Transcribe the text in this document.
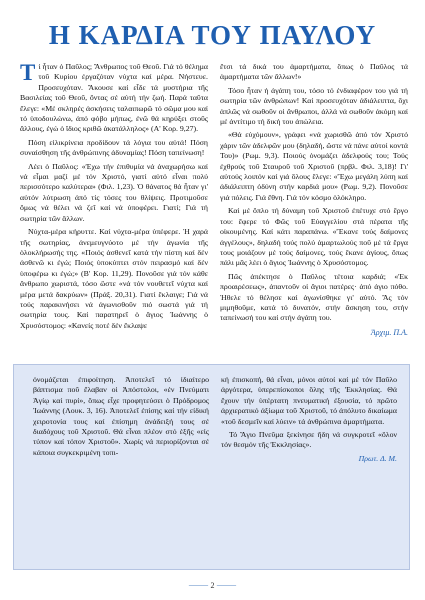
Η ΚΑΡΔΙΑ ΤΟΥ ΠΑΥΛΟΥ

Τί ἦταν ὁ Παῦλος; Ἄνθρωπος τοῦ Θεοῦ. Γιά τό θέλημα τοῦ Κυρίου ἐργαζόταν νύχτα καί μέρα. Νήστευε. Προσευχόταν. Ἄκουσε καί εἶδε τά μυστήρια τῆς Βασιλείας τοῦ Θεοῦ, ὄντας σέ αὐτή τήν ζωή. Παρά ταῦτα ἔλεγε: «Μέ σκληρές ἀσκήσεις ταλαιπωρῶ τό σῶμα μου καί τό ὑποδουλώνω, ἀπό φόβο μήπως, ἐνῶ θά κηρύξει στοῦς ἄλλους, ἐγώ ὁ ἴδιος κριθῶ ἀκατάλληλος» (Α' Κορ. 9,27).

Πόση εἰλικρίνεια προδίδουν τά λόγια του αὐτά! Πόση συναίσθηση τῆς ἀνθρώπινης ἀδυναμίας! Πόση ταπείνωση!

Λέει ὁ Παῦλος: «Ἐχω τήν ἐπιθυμία νά ἀναχωρήσω καί νά εἶμαι μαζί μέ τόν Χριστό, γιατί αὐτό εἶναι πολύ περισσότερο καλύτερα» (Φιλ. 1,23). Ὁ θάνατος θά ἦταν γι' αὐτόν λύτρωση ἀπό τίς τόσες του θλίψεις. Προτιμοῦσε ὅμως νά θέλει νά ζεῖ καί νά ὑποφέρει. Γιατί; Γιά τή σωτηρία τῶν ἄλλων.

Νύχτα-μέρα κήρυττε. Καί νύχτα-μέρα ὑπέφερε. Ἡ χαρά τῆς σωτηρίας, ἀνεμευγνύοτο μέ τήν ἀγωνία τῆς ὁλοκλήρωσής της. «Ποιός ἀσθενεῖ κατά τήν πίστη καί δέν ἀσθενῶ κι ἐγώ; Ποιός ὑποκύπτει στόν πειρασμό καί δέν ὑποφέρω κι ἐγώ;» (Β' Κορ. 11,29). Πονοῦσε γιά τόν κάθε ἄνθρωπο χωριστά, τόσο ὥστε «νά τόν νουθετεῖ νύχτα καί μέρα μετά δακρύων» (Πράξ. 20,31). Γιατί ἔκλαιγε; Γιά νά τούς παρακινήσει νά ἀγωνισθοῦν πιό σωστά γιά τή σωτηρία τους. Καί παρατηρεῖ ὁ ἅγιος Ἰωάννης ὁ Χρυσόστομος: «Κανείς ποτέ δέν ἔκλαψε

ἔτσι τά δικά του ἁμαρτήματα, ὅπως ὁ Παῦλος τά ἁμαρτήματα τῶν ἄλλων!»

Τόσο ἦταν ἡ ἀγάπη του, τόσο τό ἐνδιαφέρον του γιά τή σωτηρία τῶν ἀνθρώπων! Καί προσευχόταν ἀδιάλειπτα, ὄχι ἁπλῶς νά σωθοῦν οἱ ἄνθρωποι, ἀλλά νά σωθοῦν ἀκόμη καί μέ ἀντίτιμο τή δική του ἀπώλεια.

«Θά εὐχόμουν», γράφει «νά χωρισθῶ ἀπό τόν Χριστό χάριν τῶν ἀδελφῶν μου (δηλαδή, ὥστε νά πάνε αὐτοί κοντά Του)» (Ρωμ. 9,3). Ποιούς ὀνομάζει ἀδελφούς του; Τούς ἐχθρούς τοῦ Σταυροῦ τοῦ Χριστοῦ (πρβλ. Φιλ. 3,18)! Γι' αὐτούς λοιπόν καί γιά ὅλους ἔλεγε: «Ἔχω μεγάλη λύπη καί ἀδιάλειπτη ὀδύνη στήν καρδιά μου» (Ρωμ. 9,2). Πονοῦσε γιά πόλεις. Γιά ἔθνη. Γιά τόν κόσμο ὁλόκληρο.

Καί μέ ὅπλο τή δύναμη τοῦ Χριστοῦ ἐπέτυχε στό ἔργο του: ἔφερε τό Φῶς τοῦ Εὐαγγελίου στά πέρατα τῆς οἰκουμένης. Καί κάτι παραπάνω. «Ἔκανε τούς δαίμονες ἀγγέλους», δηλαδή τούς πολύ ἁμαρτωλούς ποῦ μέ τά ἔργα τους μοιάζουν μέ τούς δαίμονες, τούς ἔκανε ἁγίους, ὅπως πάλι μᾶς λέει ὁ ἅγιος Ἰωάννης ὁ Χρυσόστομος.

Πῶς ἀπέκτησε ὁ Παῦλος τέτοια καρδιά; «Ἐκ προαιρέσεως», ἀπαντοῦν οἱ ἅγιοι πατέρες· ἀπό ἀγιο πόθο. Ἠθελε τό θέλησε καί ἀγωνίσθηκε γι' αὐτό. Ἄς τόν μιμηθοῦμε, κατά τό δυνατόν, στήν ἄσκηση του, στήν ταπείνωσή του καί στήν ἀγάπη του.

Ἀρχιμ. Π.Α.

ὀνομάζεται ἐπιφοίτηση. Ἀποτελεῖ τό ἰδιαίτερο βάπτισμα ποῦ ἔλαβαν οἱ Ἀπόστολοι, «ἐν Πνεύματι Ἁγίῳ καί πυρί», ὅπως εἶχε προφητεύσει ὁ Πρόδρομος Ἰωάννης (Λουκ. 3, 16). Ἀποτελεῖ ἐπίσης καί τήν εἰδική χειροτονία τους καί ἐπίσημη ἀνάδειξή τους σέ διαδόχους τοῦ Χριστοῦ. Θά εἶναι πλέον στό ἑξῆς «εἰς τύπον καί τόπον Χριστοῦ». Χωρίς νά περιορίζονται σέ κάποια συγκεκριμένη τοπι-

κή ἐπισκοπή, θά εἶναι, μόνοι αὐτοί καί μέ τόν Παῦλο ἀργότερα, ὑπερεπίσκοποι ὅλης τῆς Ἐκκλησίας. Θά ἔχουν τήν ὑπέρτατη πνευματική ἐξουσία, τό πρῶτο ἀρχιερατικό ἀξίωμα τοῦ Χριστοῦ, τό ἀπόλυτο δικαίωμα «τοῦ δεσμεῖν καί λύειν» τά ἀνθρώπινα ἁμαρτήματα.

Τό Ἅγιο Πνεῦμα ξεκίνησε ἤδη νά συγκροτεῖ «ὅλον τόν θεσμόν τῆς Ἐκκλησίας».

Πρωτ. Δ. Μ.

⸻ 2 ⸻
